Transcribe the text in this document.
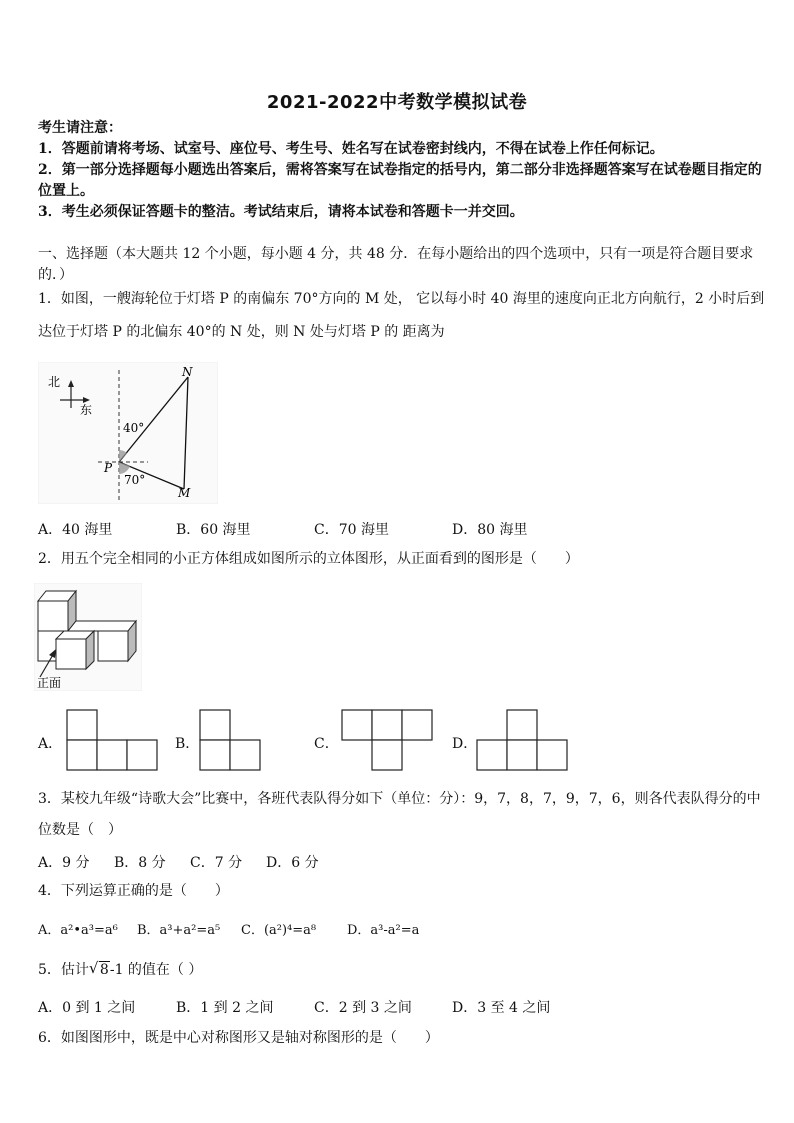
2021-2022中考数学模拟试卷
考生请注意：
1．答题前请将考场、试室号、座位号、考生号、姓名写在试卷密封线内，不得在试卷上作任何标记。
2．第一部分选择题每小题选出答案后，需将答案写在试卷指定的括号内，第二部分非选择题答案写在试卷题目指定的
位置上。
3．考生必须保证答题卡的整洁。考试结束后，请将本试卷和答题卡一并交回。
一、选择题（本大题共 12 个小题，每小题 4 分，共 48 分．在每小题给出的四个选项中，只有一项是符合题目要求
的．）
1．如图，一艘海轮位于灯塔 P 的南偏东 70°方向的 M 处， 它以每小时 40 海里的速度向正北方向航行，2 小时后到
达位于灯塔 P 的北偏东 40°的 N 处，则 N 处与灯塔 P 的 距离为
北
东
40°
70°
P
N
M
A．40 海里	B．60 海里	C．70 海里	D．80 海里
2．用五个完全相同的小正方体组成如图所示的立体图形，从正面看到的图形是（　　）
正面
A．	B．	C．	D．
3．某校九年级“诗歌大会”比赛中，各班代表队得分如下（单位：分）：9，7，8，7，9，7，6，则各代表队得分的中
位数是（　）
A．9 分 B．8 分 C．7 分 D．6 分
4．下列运算正确的是（　　）
A．a²•a³=a⁶ B．a³+a²=a⁵ C．(a²)⁴=a⁸ D．a³-a²=a
5．估计 √ 8-1 的值在（ ）
A．0 到 1 之间	B．1 到 2 之间	C．2 到 3 之间	D．3 至 4 之间
6．如图图形中，既是中心对称图形又是轴对称图形的是（　　）
